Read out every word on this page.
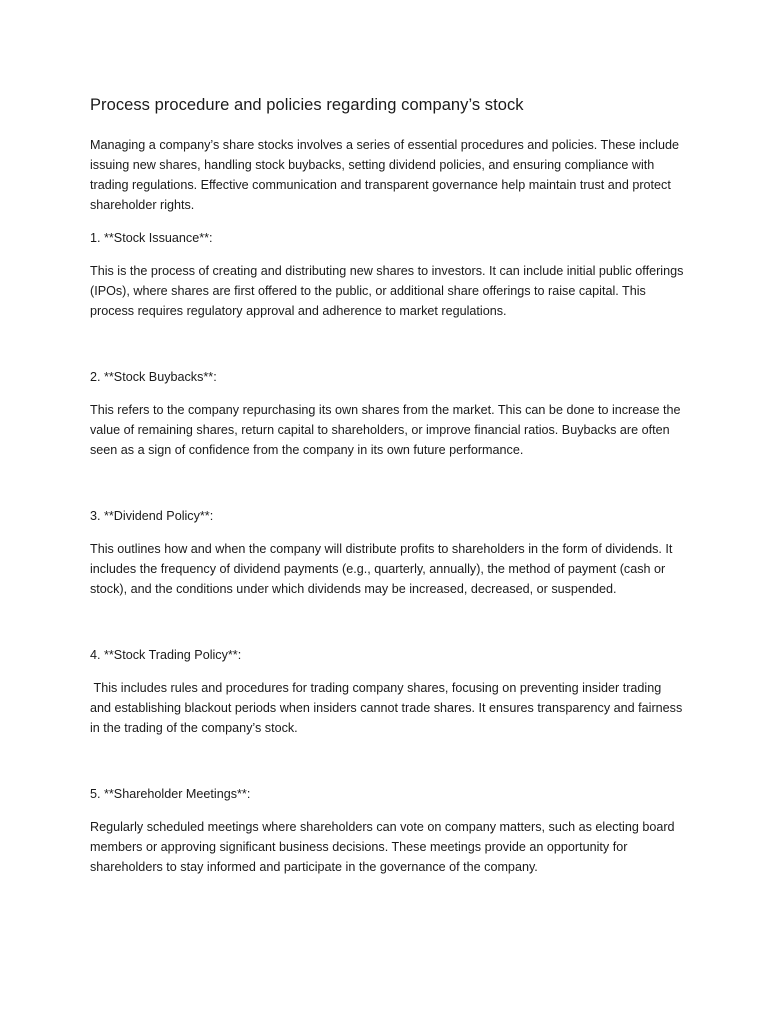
Process procedure and policies regarding company’s stock

Managing a company’s share stocks involves a series of essential procedures and policies. These include issuing new shares, handling stock buybacks, setting dividend policies, and ensuring compliance with trading regulations. Effective communication and transparent governance help maintain trust and protect shareholder rights.

1. **Stock Issuance**:

This is the process of creating and distributing new shares to investors. It can include initial public offerings (IPOs), where shares are first offered to the public, or additional share offerings to raise capital. This process requires regulatory approval and adherence to market regulations.

2. **Stock Buybacks**:

This refers to the company repurchasing its own shares from the market. This can be done to increase the value of remaining shares, return capital to shareholders, or improve financial ratios. Buybacks are often seen as a sign of confidence from the company in its own future performance.

3. **Dividend Policy**:

This outlines how and when the company will distribute profits to shareholders in the form of dividends. It includes the frequency of dividend payments (e.g., quarterly, annually), the method of payment (cash or stock), and the conditions under which dividends may be increased, decreased, or suspended.

4. **Stock Trading Policy**:

This includes rules and procedures for trading company shares, focusing on preventing insider trading and establishing blackout periods when insiders cannot trade shares. It ensures transparency and fairness in the trading of the company’s stock.

5. **Shareholder Meetings**:

Regularly scheduled meetings where shareholders can vote on company matters, such as electing board members or approving significant business decisions. These meetings provide an opportunity for shareholders to stay informed and participate in the governance of the company.
